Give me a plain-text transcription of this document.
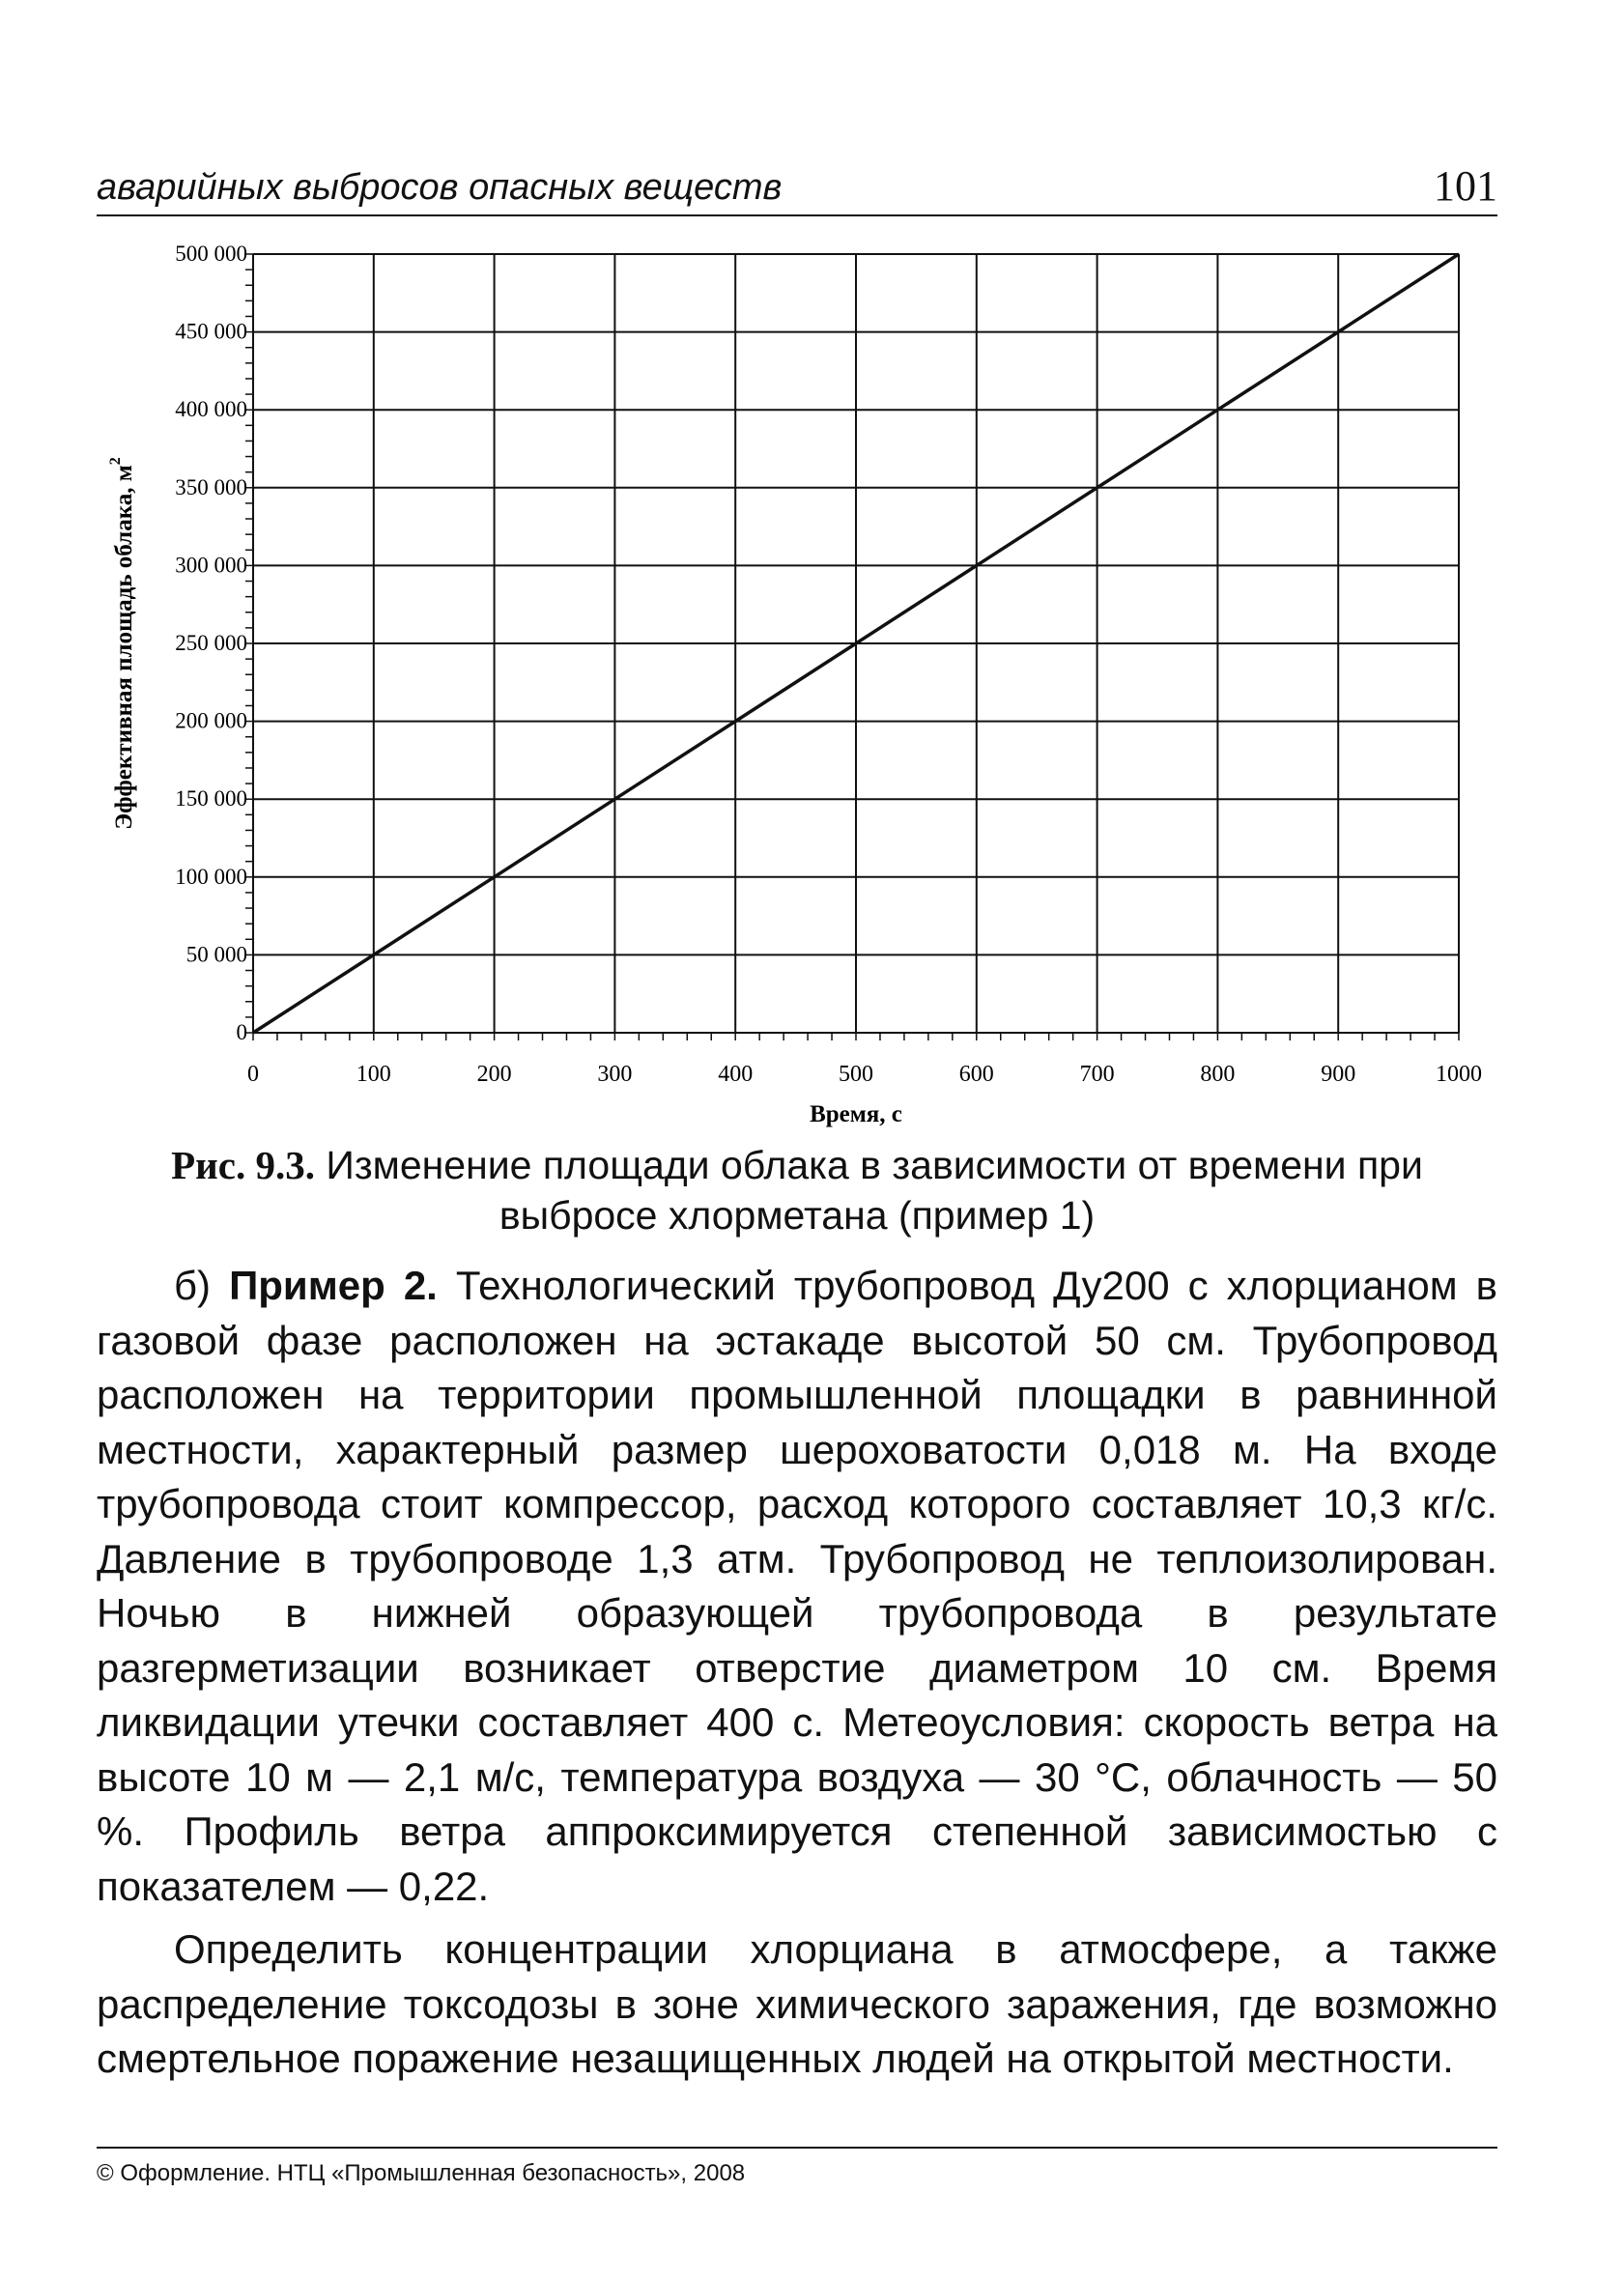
аварийных выбросов опасных веществ	101
0
50 000
100 000
150 000
200 000
250 000
300 000
350 000
400 000
450 000
500 000
0	100	200	300	400	500	600	700	800	900	1000
Время, с
Эффективная площадь облака, $м^2$
Рис. 9.3. Изменение площади облака в зависимости от времени при выбросе хлорметана (пример 1)

б) Пример 2. Технологический трубопровод Ду200 с хлорцианом в газовой фазе расположен на эстакаде высотой 50 см. Трубопровод расположен на территории промышленной площадки в равнинной местности, характерный размер шероховатости 0,018 м. На входе трубопровода стоит компрессор, расход которого составляет 10,3 кг/с. Давление в трубопроводе 1,3 атм. Трубопровод не теплоизолирован. Ночью в нижней образующей трубопровода в результате разгерметизации возникает отверстие диаметром 10 см. Время ликвидации утечки составляет 400 с. Метеоусловия: скорость ветра на высоте 10 м — 2,1 м/с, температура воздуха — 30 °С, облачность — 50 %. Профиль ветра аппроксимируется степенной зависимостью с показателем — 0,22.

Определить концентрации хлорциана в атмосфере, а также распределение токсодозы в зоне химического заражения, где возможно смертельное поражение незащищенных людей на открытой местности.

© Оформление. НТЦ «Промышленная безопасность», 2008
